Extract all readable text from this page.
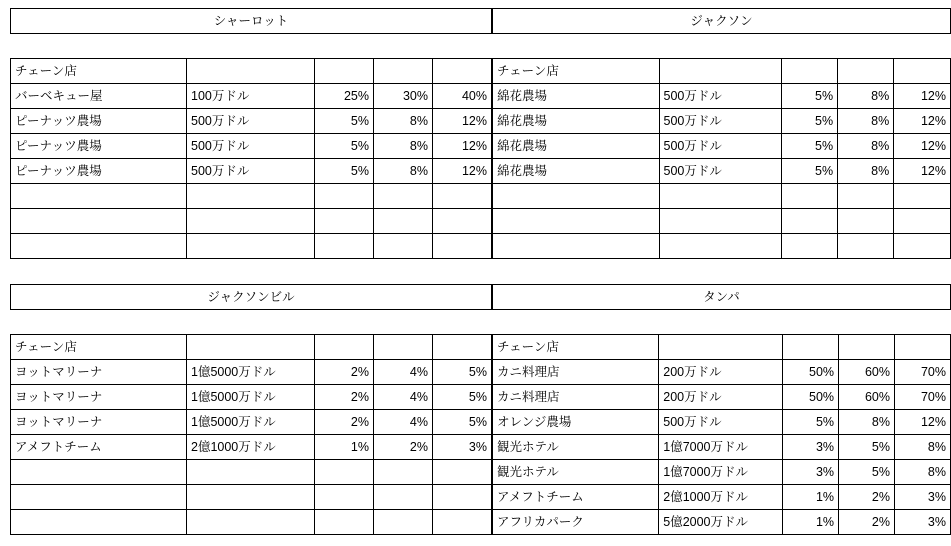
シャーロット				

チェーン店				
バーベキュー屋	100万ドル	25%	30%	40%
ピーナッツ農場	500万ドル	5%	8%	12%
ピーナッツ農場	500万ドル	5%	8%	12%
ピーナッツ農場	500万ドル	5%	8%	12%

ジャクソン				

チェーン店				
綿花農場	500万ドル	5%	8%	12%
綿花農場	500万ドル	5%	8%	12%
綿花農場	500万ドル	5%	8%	12%
綿花農場	500万ドル	5%	8%	12%

ジャクソンビル				

チェーン店				
ヨットマリーナ	1億5000万ドル	2%	4%	5%
ヨットマリーナ	1億5000万ドル	2%	4%	5%
ヨットマリーナ	1億5000万ドル	2%	4%	5%
アメフトチーム	2億1000万ドル	1%	2%	3%

タンパ				

チェーン店				
カニ料理店	200万ドル	50%	60%	70%
カニ料理店	200万ドル	50%	60%	70%
オレンジ農場	500万ドル	5%	8%	12%
観光ホテル	1億7000万ドル	3%	5%	8%
観光ホテル	1億7000万ドル	3%	5%	8%
アメフトチーム	2億1000万ドル	1%	2%	3%
アフリカパーク	5億2000万ドル	1%	2%	3%
